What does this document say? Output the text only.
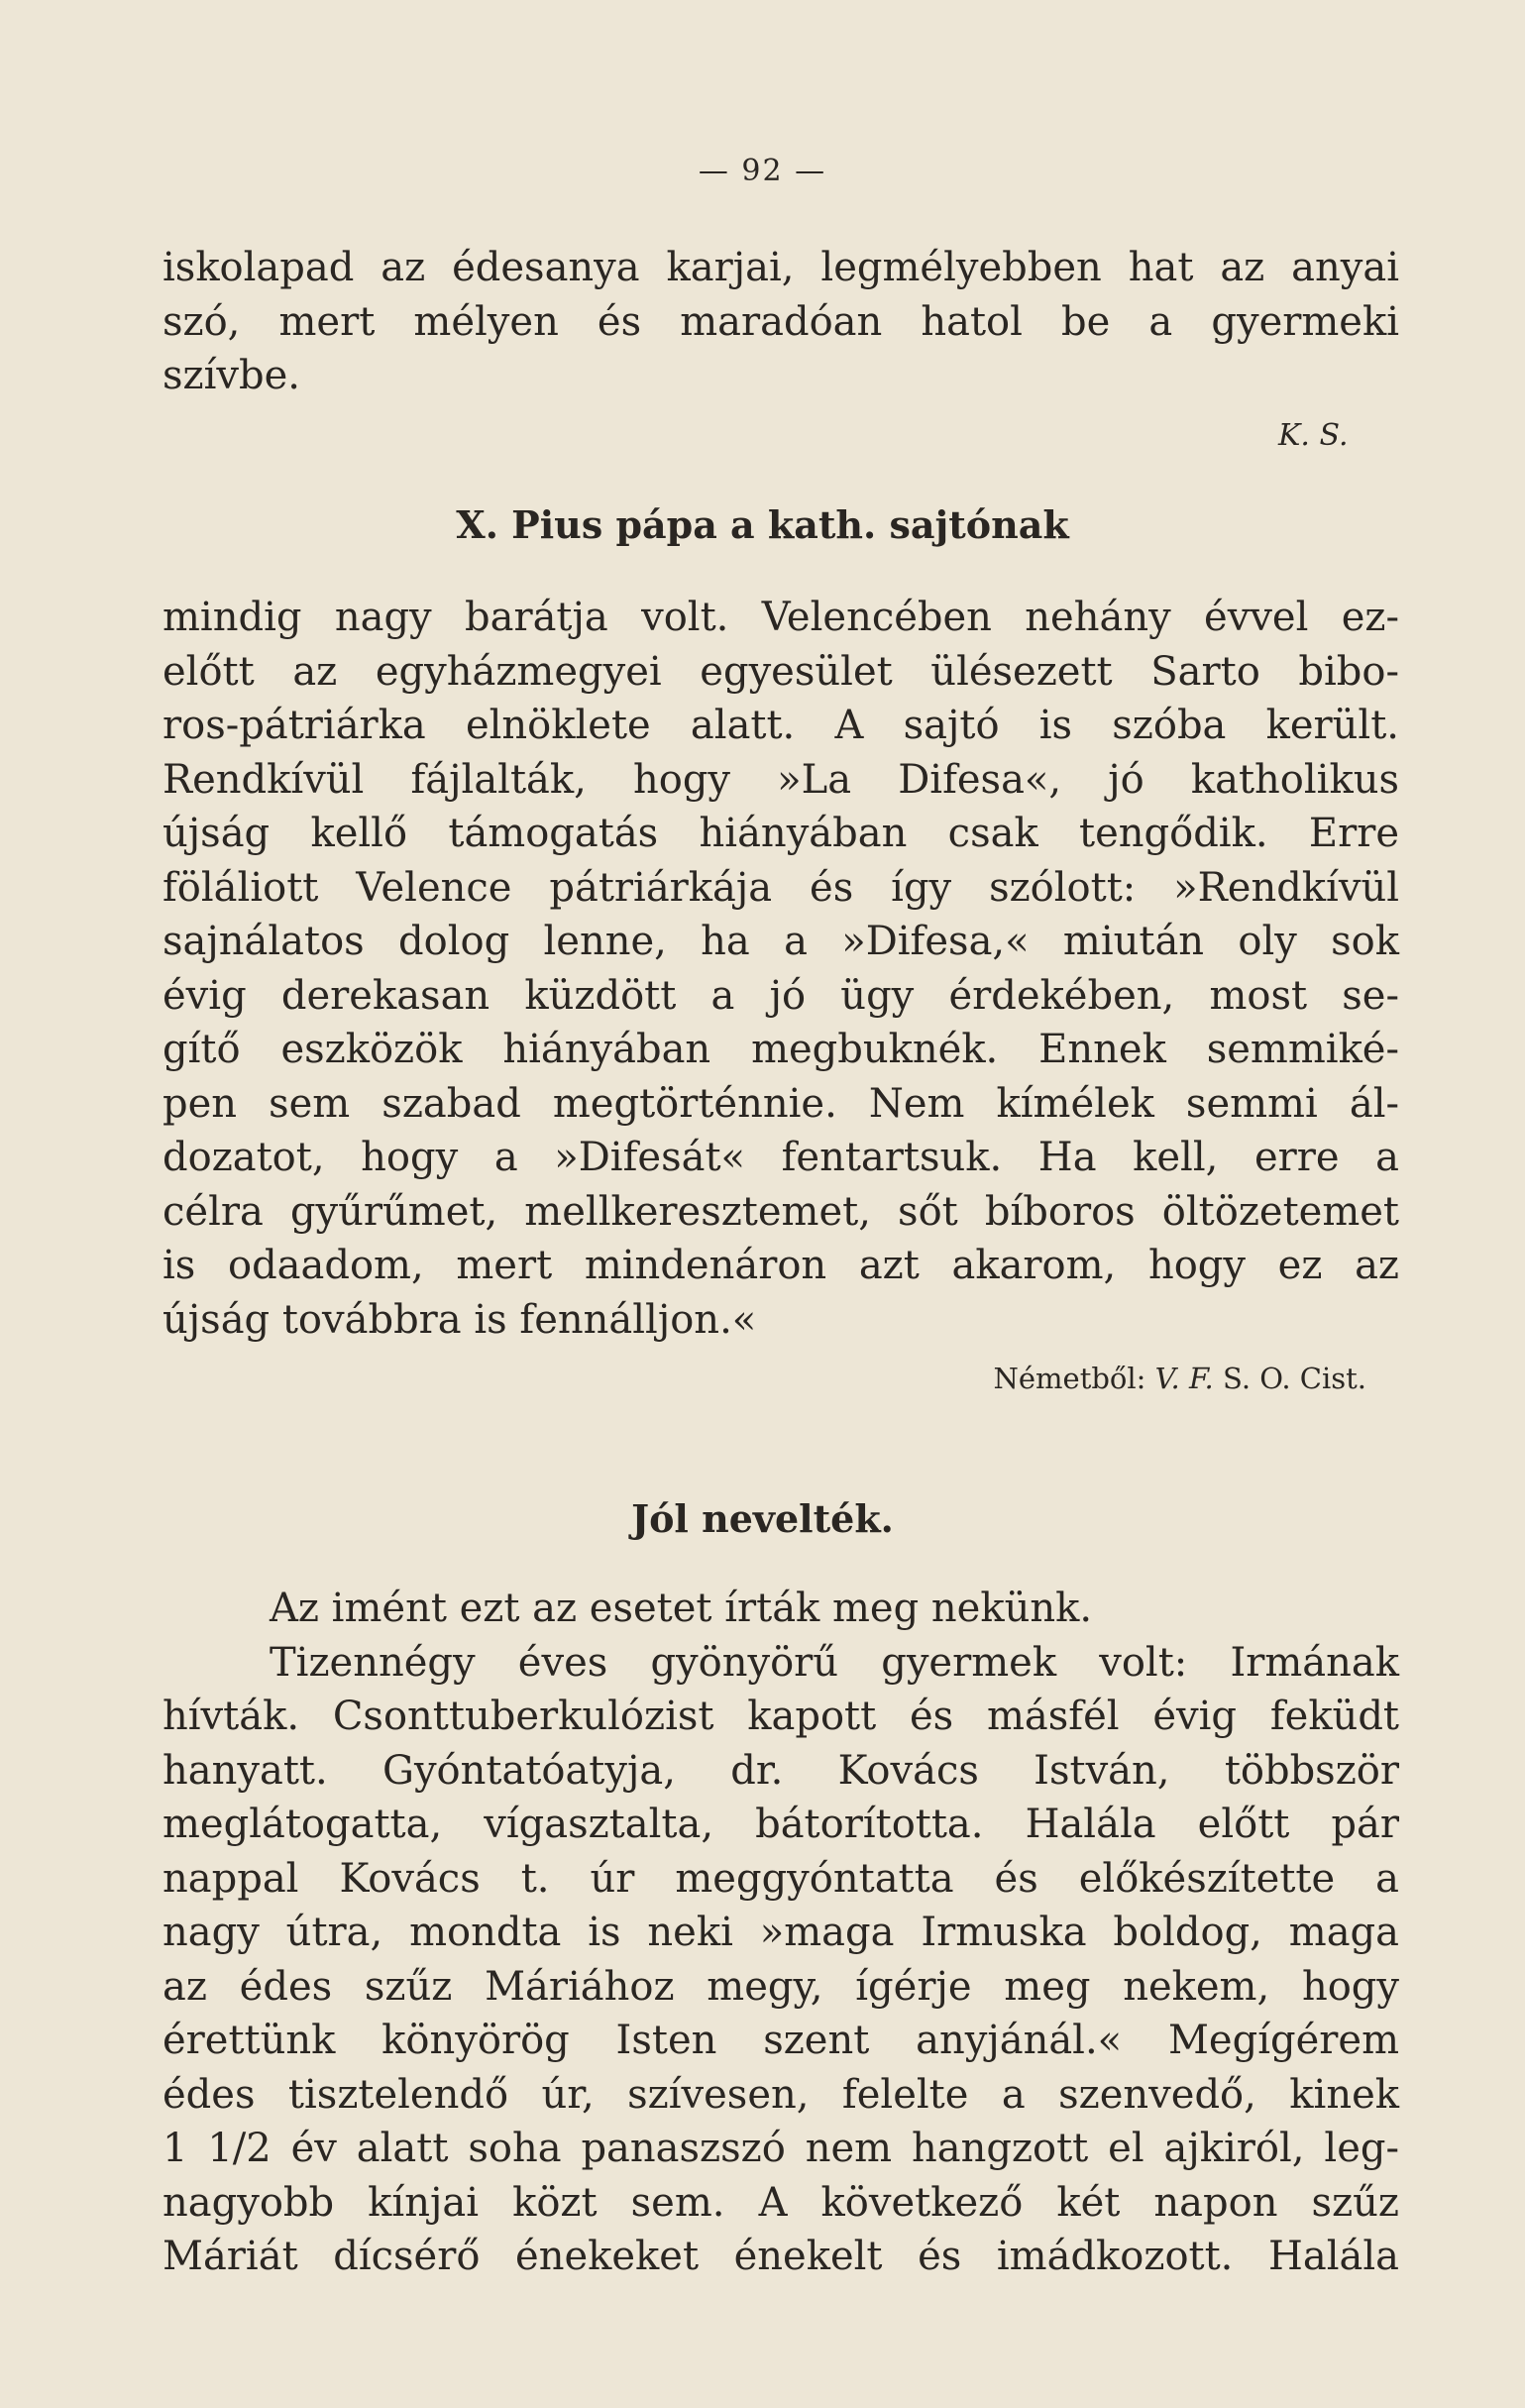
— 92 —

iskolapad az édesanya karjai, legmélyebben hat az anyai

szó, mert mélyen és maradóan hatol be a gyermeki

szívbe.

K. S.
X. Pius pápa a kath. sajtónak

mindig nagy barátja volt. Velencében nehány évvel ez-

előtt az egyházmegyei egyesület ülésezett Sarto bibo-

ros-pátriárka elnöklete alatt. A sajtó is szóba került.

Rendkívül fájlalták, hogy »La Difesa«, jó katholikus

újság kellő támogatás hiányában csak tengődik. Erre

föláliott Velence pátriárkája és így szólott: »Rendkívül

sajnálatos dolog lenne, ha a »Difesa,« miután oly sok

évig derekasan küzdött a jó ügy érdekében, most se-

gítő eszközök hiányában megbuknék. Ennek semmiké-

pen sem szabad megtörténnie. Nem kímélek semmi ál-

dozatot, hogy a »Difesát« fentartsuk. Ha kell, erre a

célra gyűrűmet, mellkeresztemet, sőt bíboros öltözetemet

is odaadom, mert mindenáron azt akarom, hogy ez az

újság továbbra is fennálljon.«

Németből: V. F. S. O. Cist.
Jól nevelték.

Az imént ezt az esetet írták meg nekünk.

Tizennégy éves gyönyörű gyermek volt: Irmának

hívták. Csonttuberkulózist kapott és másfél évig feküdt

hanyatt. Gyóntatóatyja, dr. Kovács István, többször

meglátogatta, vígasztalta, bátorította. Halála előtt pár

nappal Kovács t. úr meggyóntatta és előkészítette a

nagy útra, mondta is neki »maga Irmuska boldog, maga

az édes szűz Máriához megy, ígérje meg nekem, hogy

érettünk könyörög Isten szent anyjánál.« Megígérem

édes tisztelendő úr, szívesen, felelte a szenvedő, kinek

1 1/2 év alatt soha panaszszó nem hangzott el ajkiról, leg-

nagyobb kínjai közt sem. A következő két napon szűz

Máriát dícsérő énekeket énekelt és imádkozott. Halála
